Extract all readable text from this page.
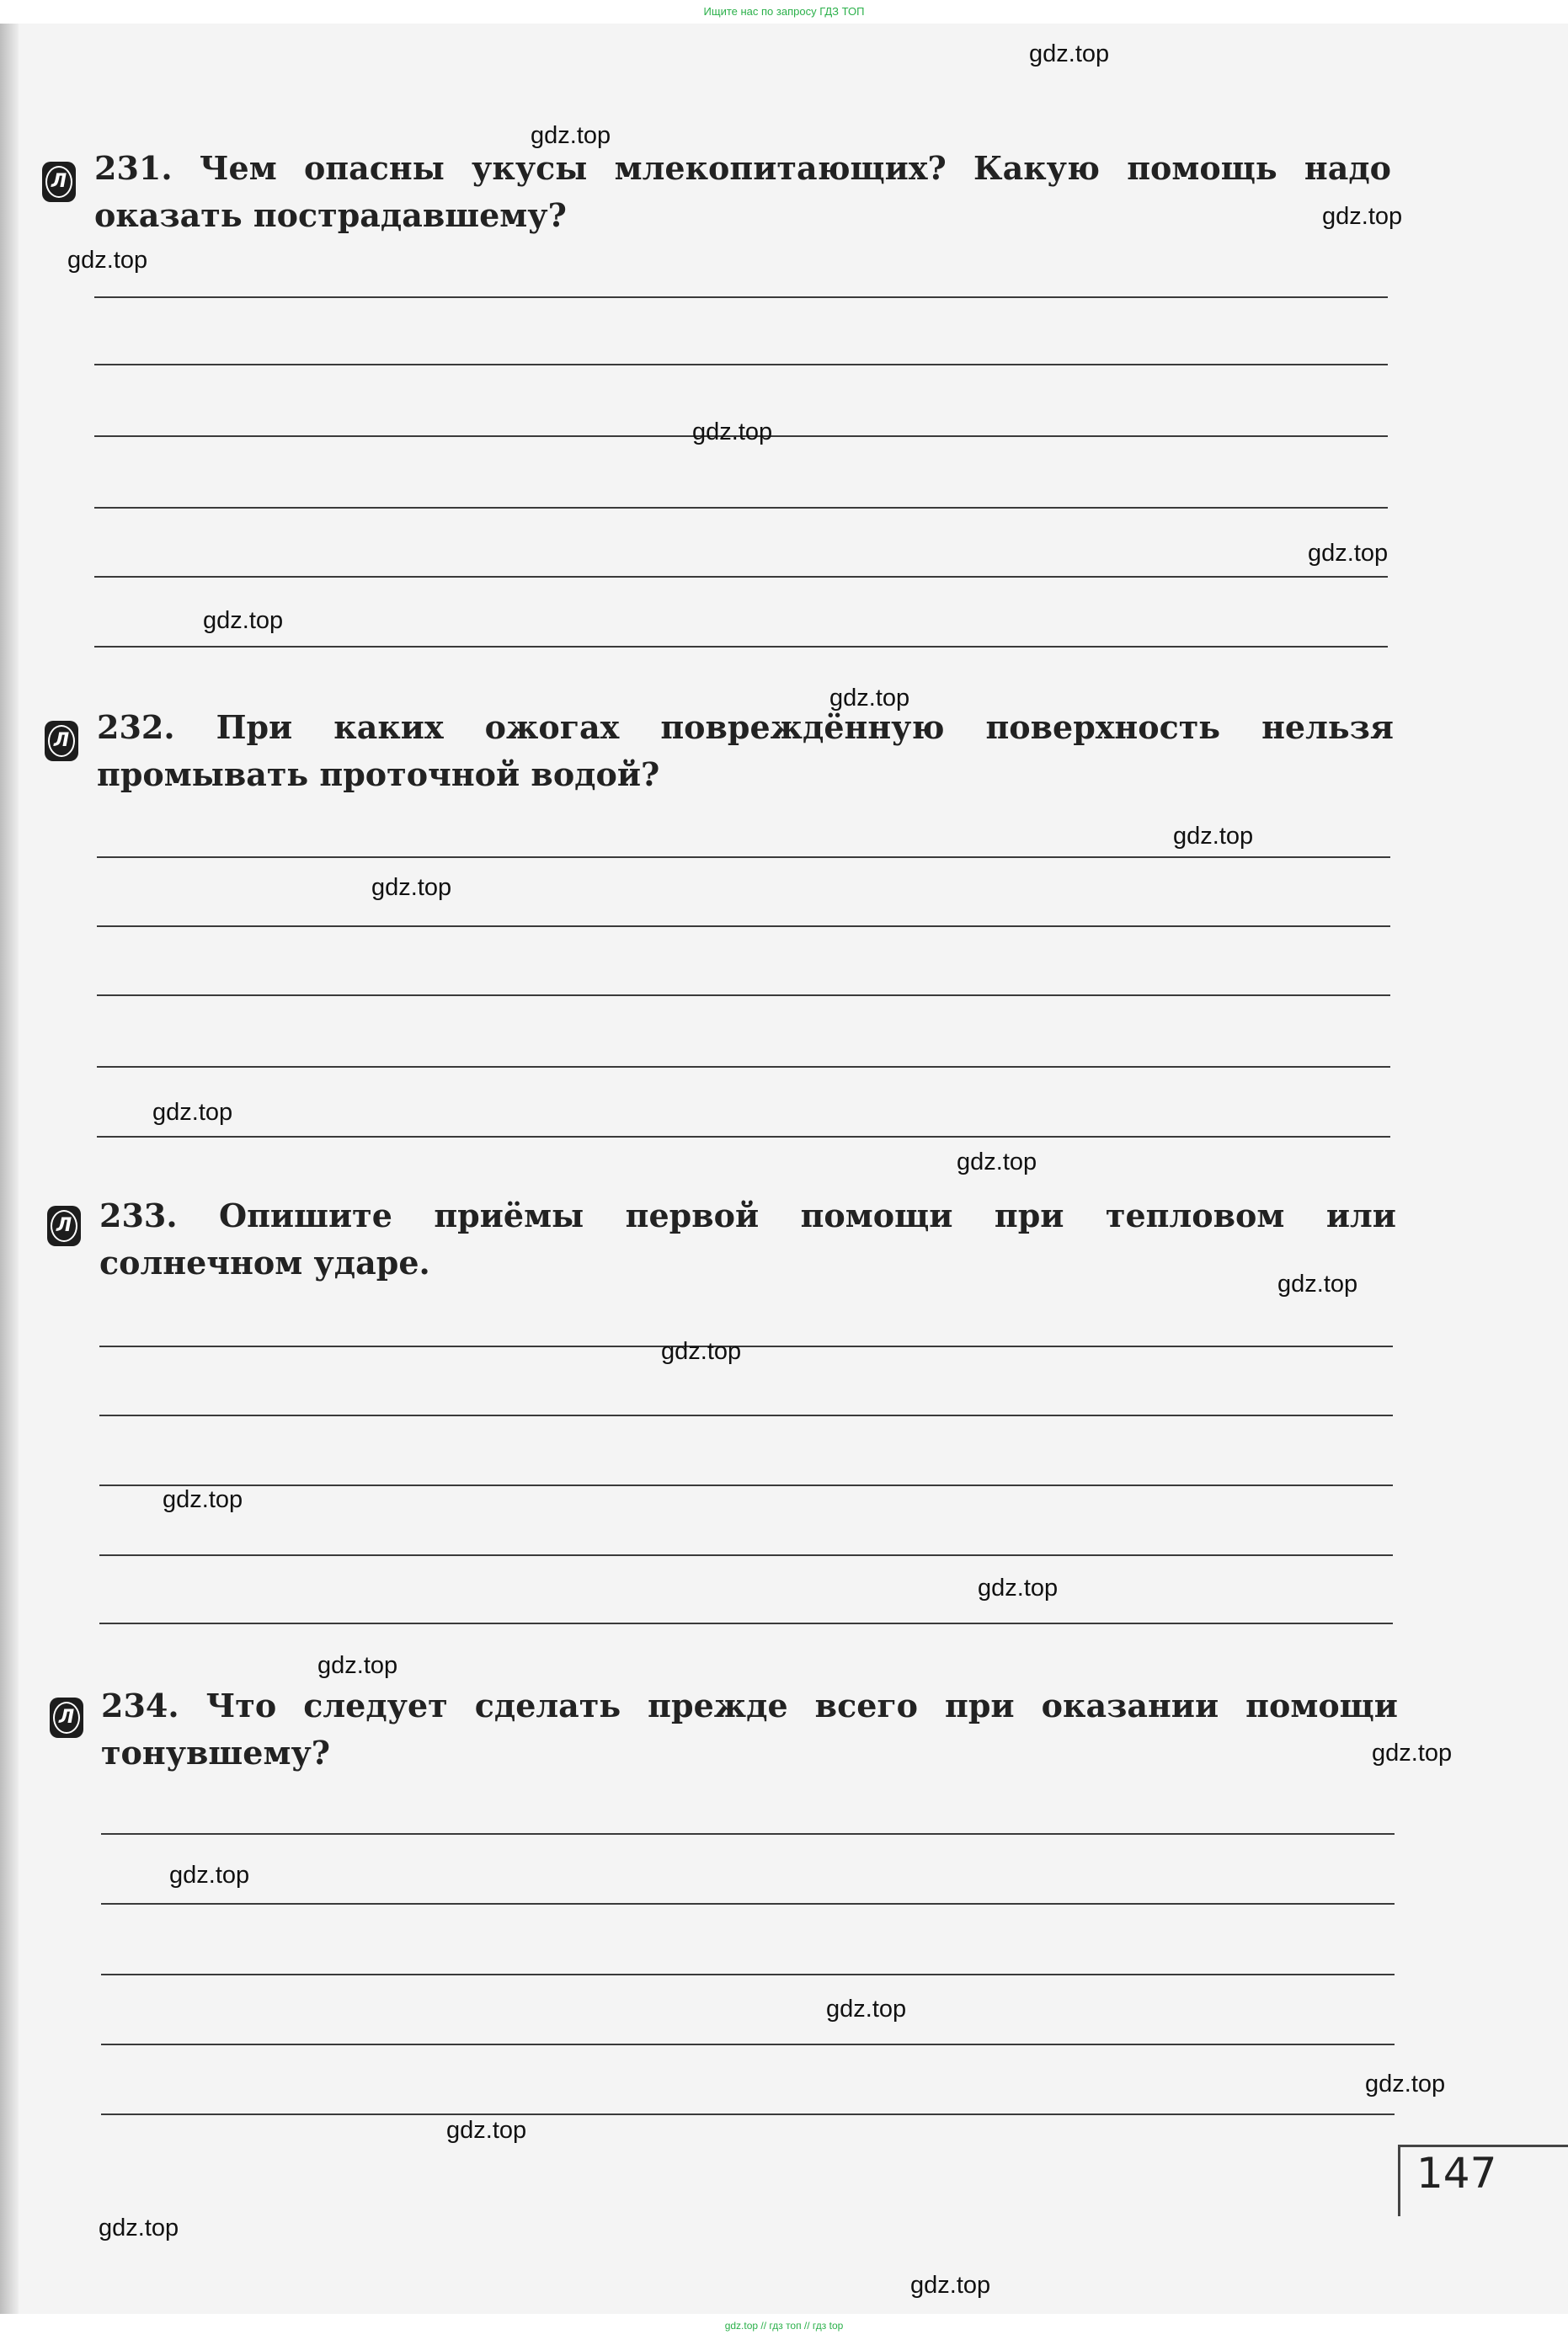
Ищите нас по запросу ГДЗ ТОП
Л 231. Чем опасны укусы млекопитающих? Какую помощь надо оказать пострадавшему?
Л 232. При каких ожогах повреждённую поверхность нельзя промывать проточной водой?
Л 233. Опишите приёмы первой помощи при тепловом или солнечном ударе.
Л 234. Что следует сделать прежде всего при оказании помощи тонувшему?
gdz.top
gdz.top
gdz.top
gdz.top
gdz.top
gdz.top
gdz.top
gdz.top
gdz.top
gdz.top
gdz.top
gdz.top
gdz.top
gdz.top
gdz.top
gdz.top
gdz.top
gdz.top
gdz.top
gdz.top
gdz.top
gdz.top
gdz.top
gdz.top
147
gdz.top // гдз топ // гдз top
